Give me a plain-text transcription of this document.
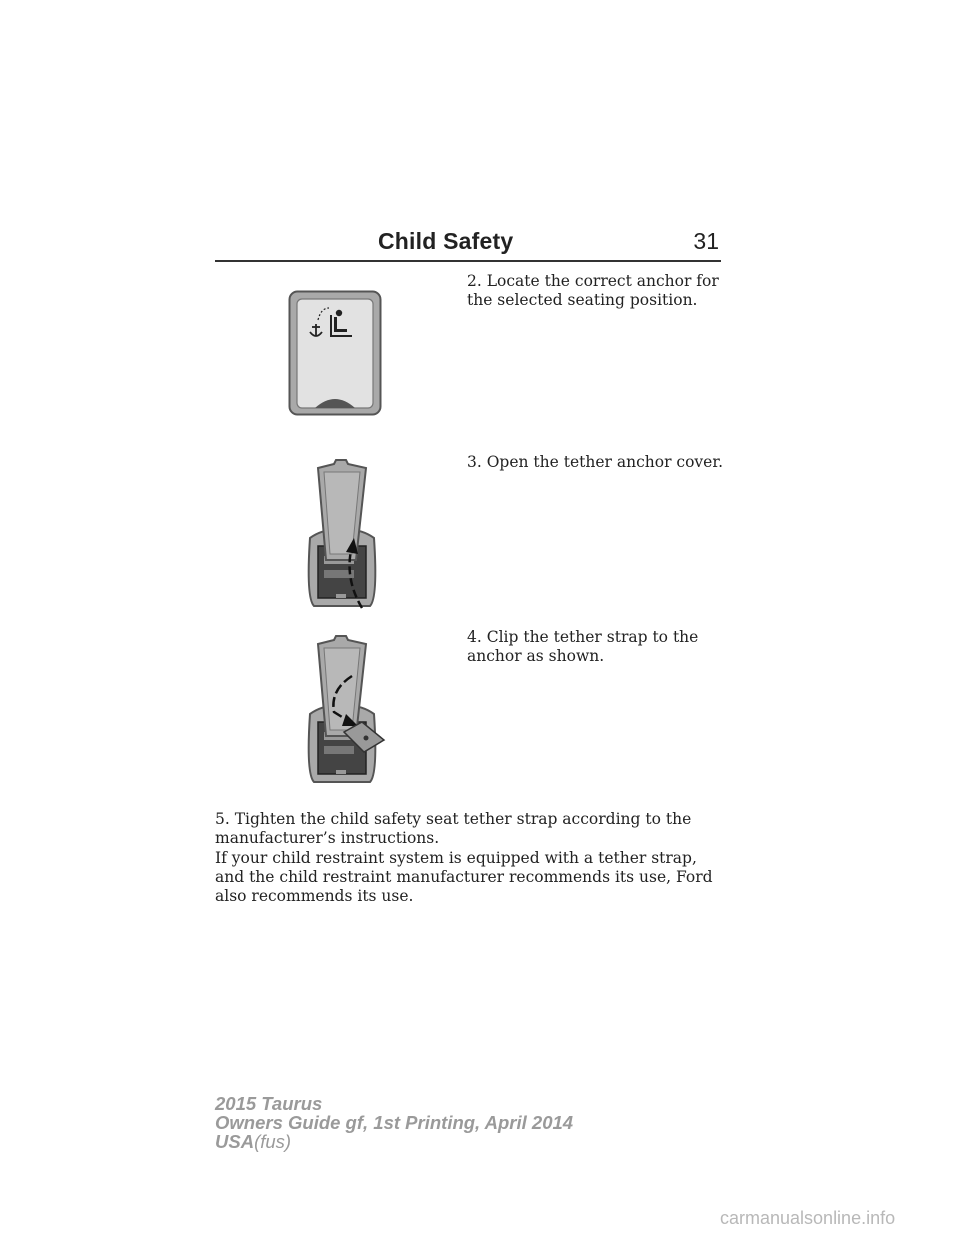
Child Safety	31
2. Locate the correct anchor for the selected seating position.
3. Open the tether anchor cover.
4. Clip the tether strap to the anchor as shown.
5. Tighten the child safety seat tether strap according to the manufacturer’s instructions.
If your child restraint system is equipped with a tether strap, and the child restraint manufacturer recommends its use, Ford also recommends its use.
2015 Taurus
Owners Guide gf, 1st Printing, April 2014
USA(fus)
carmanualsonline.info
